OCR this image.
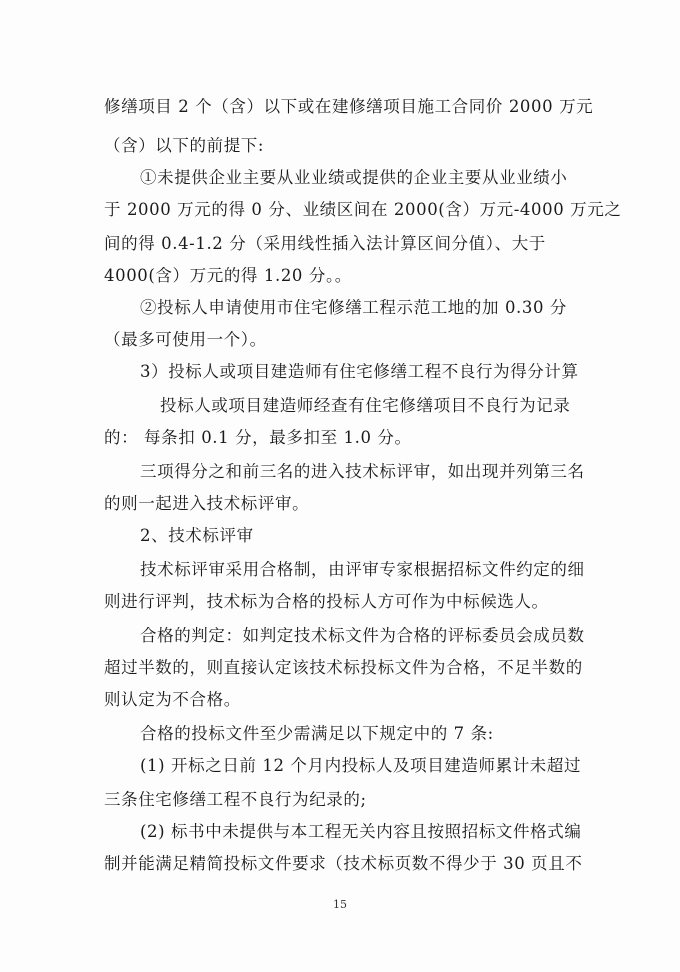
修缮项目 2 个（含）以下或在建修缮项目施工合同价 2000 万元
（含）以下的前提下:
①未提供企业主要从业业绩或提供的企业主要从业业绩小
于 2000 万元的得 0 分、业绩区间在 2000(含）万元-4000 万元之
间的得 0.4-1.2 分（采用线性插入法计算区间分值）、大于
4000(含）万元的得 1.20 分。。
②投标人申请使用市住宅修缮工程示范工地的加 0.30 分
（最多可使用一个）。
3）投标人或项目建造师有住宅修缮工程不良行为得分计算
投标人或项目建造师经查有住宅修缮项目不良行为记录
的： 每条扣 0.1 分，最多扣至 1.0 分。
三项得分之和前三名的进入技术标评审，如出现并列第三名
的则一起进入技术标评审。
2、技术标评审
技术标评审采用合格制，由评审专家根据招标文件约定的细
则进行评判，技术标为合格的投标人方可作为中标候选人。
合格的判定：如判定技术标文件为合格的评标委员会成员数
超过半数的，则直接认定该技术标投标文件为合格，不足半数的
则认定为不合格。
合格的投标文件至少需满足以下规定中的 7 条:
(1) 开标之日前 12 个月内投标人及项目建造师累计未超过
三条住宅修缮工程不良行为纪录的;
(2) 标书中未提供与本工程无关内容且按照招标文件格式编
制并能满足精简投标文件要求（技术标页数不得少于 30 页且不
15
